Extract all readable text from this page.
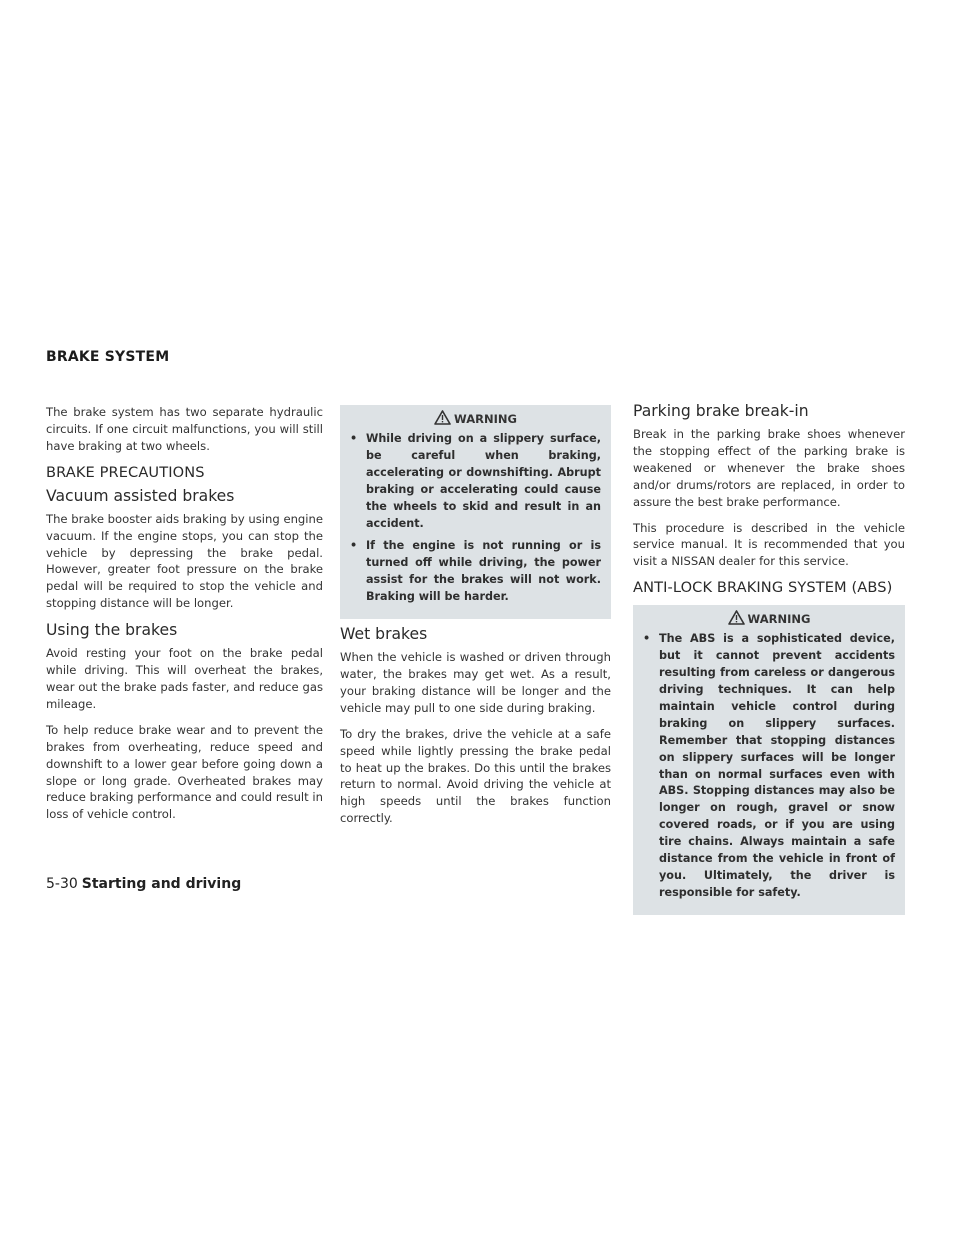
BRAKE SYSTEM

The brake system has two separate hydraulic circuits. If one circuit malfunctions, you will still have braking at two wheels.

BRAKE PRECAUTIONS
Vacuum assisted brakes

The brake booster aids braking by using engine vacuum. If the engine stops, you can stop the vehicle by depressing the brake pedal. However, greater foot pressure on the brake pedal will be required to stop the vehicle and stopping distance will be longer.

Using the brakes

Avoid resting your foot on the brake pedal while driving. This will overheat the brakes, wear out the brake pads faster, and reduce gas mileage.

To help reduce brake wear and to prevent the brakes from overheating, reduce speed and downshift to a lower gear before going down a slope or long grade. Overheated brakes may reduce braking performance and could result in loss of vehicle control.

WARNING
• While driving on a slippery surface, be careful when braking, accelerating or downshifting. Abrupt braking or accelerating could cause the wheels to skid and result in an accident.
• If the engine is not running or is turned off while driving, the power assist for the brakes will not work. Braking will be harder.
Wet brakes

When the vehicle is washed or driven through water, the brakes may get wet. As a result, your braking distance will be longer and the vehicle may pull to one side during braking.

To dry the brakes, drive the vehicle at a safe speed while lightly pressing the brake pedal to heat up the brakes. Do this until the brakes return to normal. Avoid driving the vehicle at high speeds until the brakes function correctly.

Parking brake break-in

Break in the parking brake shoes whenever the stopping effect of the parking brake is weakened or whenever the brake shoes and/or drums/rotors are replaced, in order to assure the best brake performance.

This procedure is described in the vehicle service manual. It is recommended that you visit a NISSAN dealer for this service.

ANTI-LOCK BRAKING SYSTEM (ABS)
WARNING
• The ABS is a sophisticated device, but it cannot prevent accidents resulting from careless or dangerous driving techniques. It can help maintain vehicle control during braking on slippery surfaces. Remember that stopping distances on slippery surfaces will be longer than on normal surfaces even with ABS. Stopping distances may also be longer on rough, gravel or snow covered roads, or if you are using tire chains. Always maintain a safe distance from the vehicle in front of you. Ultimately, the driver is responsible for safety.
5-30 Starting and driving
